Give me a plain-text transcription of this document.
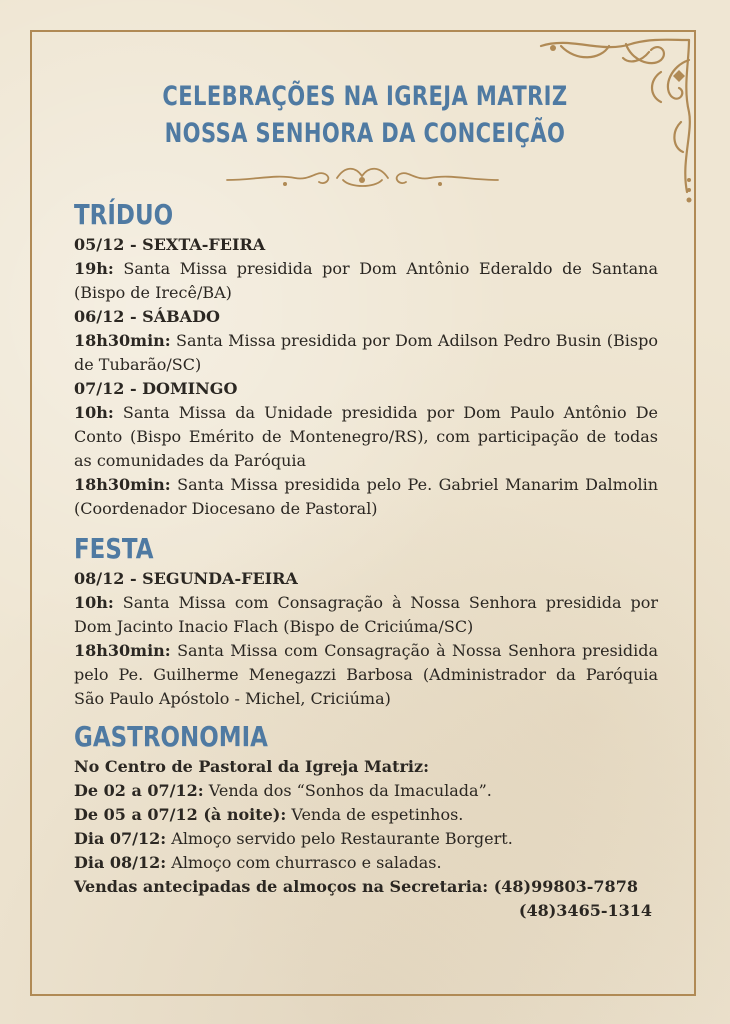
CELEBRAÇÕES NA IGREJA MATRIZ
NOSSA SENHORA DA CONCEIÇÃO
TRÍDUO

05/12 - SEXTA-FEIRA

19h: Santa Missa presidida por Dom Antônio Ederaldo de Santana (Bispo de Irecê/BA)

06/12 - SÁBADO

18h30min: Santa Missa presidida por Dom Adilson Pedro Busin (Bispo de Tubarão/SC)

07/12 - DOMINGO

10h: Santa Missa da Unidade presidida por Dom Paulo Antônio De Conto (Bispo Emérito de Montenegro/RS), com participação de todas as comunidades da Paróquia

18h30min: Santa Missa presidida pelo Pe. Gabriel Manarim Dalmolin (Coordenador Diocesano de Pastoral)

FESTA

08/12 - SEGUNDA-FEIRA

10h: Santa Missa com Consagração à Nossa Senhora presidida por Dom Jacinto Inacio Flach (Bispo de Criciúma/SC)

18h30min: Santa Missa com Consagração à Nossa Senhora presidida pelo Pe. Guilherme Menegazzi Barbosa (Administrador da Paróquia São Paulo Apóstolo - Michel, Criciúma)

GASTRONOMIA

No Centro de Pastoral da Igreja Matriz:

De 02 a 07/12: Venda dos “Sonhos da Imaculada”.

De 05 a 07/12 (à noite): Venda de espetinhos.

Dia 07/12: Almoço servido pelo Restaurante Borgert.

Dia 08/12: Almoço com churrasco e saladas.

Vendas antecipadas de almoços na Secretaria: (48)99803-7878

(48)3465-1314
